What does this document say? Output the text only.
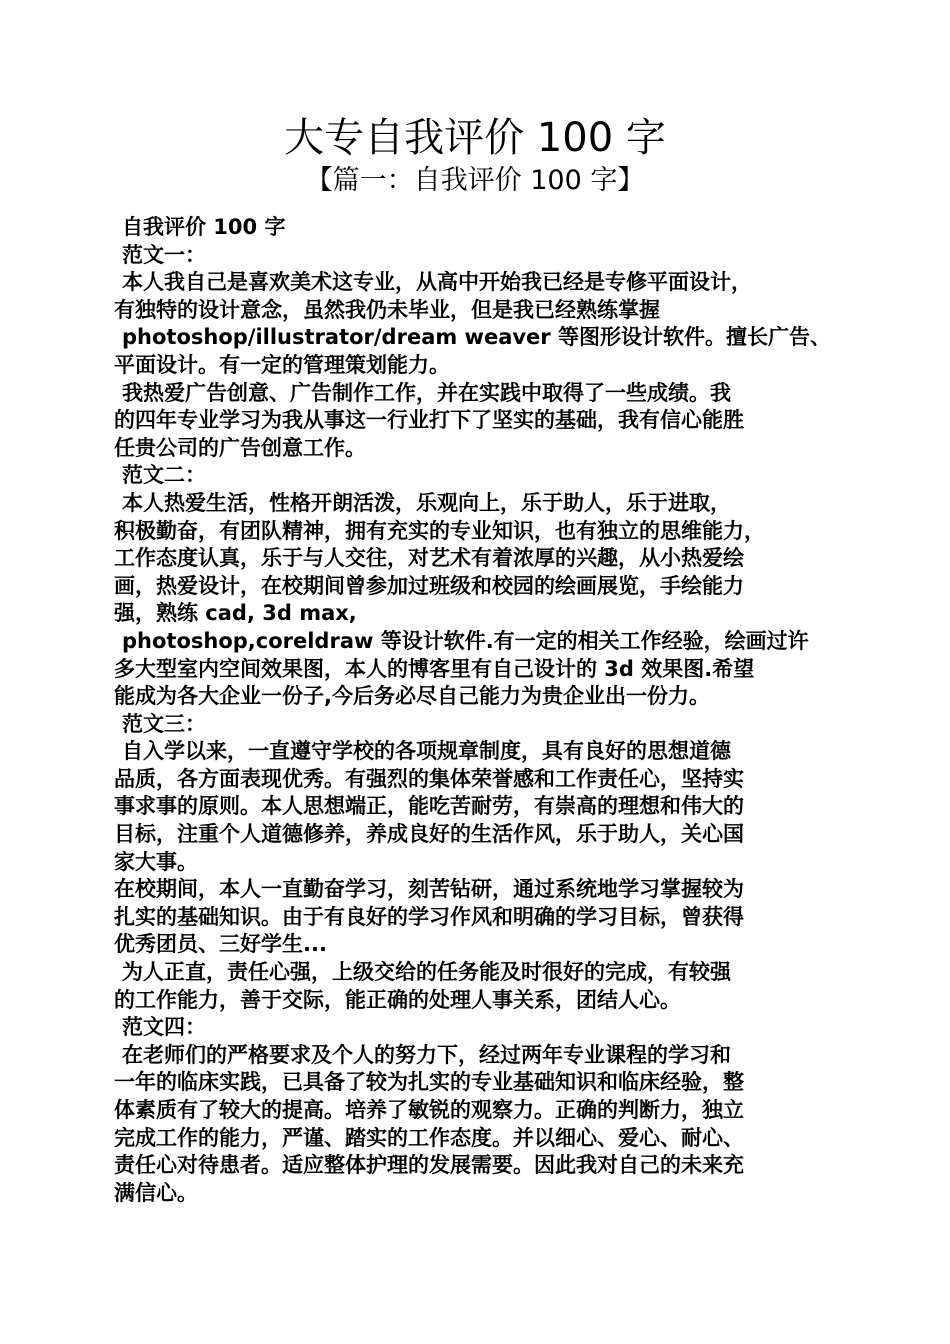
大专自我评价 100 字
【篇一：自我评价 100 字】
自我评价 100 字
范文一：
本人我自己是喜欢美术这专业，从高中开始我已经是专修平面设计，
有独特的设计意念，虽然我仍未毕业，但是我已经熟练掌握
photoshop/illustrator/dream weaver 等图形设计软件。擅长广告、
平面设计。有一定的管理策划能力。
我热爱广告创意、广告制作工作，并在实践中取得了一些成绩。我
的四年专业学习为我从事这一行业打下了坚实的基础，我有信心能胜
任贵公司的广告创意工作。
范文二：
本人热爱生活，性格开朗活泼，乐观向上，乐于助人，乐于进取，
积极勤奋，有团队精神，拥有充实的专业知识，也有独立的思维能力，
工作态度认真，乐于与人交往，对艺术有着浓厚的兴趣，从小热爱绘
画，热爱设计，在校期间曾参加过班级和校园的绘画展览，手绘能力
强，熟练 cad, 3d max,
photoshop,coreldraw 等设计软件.有一定的相关工作经验，绘画过许
多大型室内空间效果图，本人的博客里有自己设计的 3d 效果图.希望
能成为各大企业一份子,今后务必尽自己能力为贵企业出一份力。
范文三：
自入学以来，一直遵守学校的各项规章制度，具有良好的思想道德
品质，各方面表现优秀。有强烈的集体荣誉感和工作责任心，坚持实
事求事的原则。本人思想端正，能吃苦耐劳，有崇高的理想和伟大的
目标，注重个人道德修养，养成良好的生活作风，乐于助人，关心国
家大事。
在校期间，本人一直勤奋学习，刻苦钻研，通过系统地学习掌握较为
扎实的基础知识。由于有良好的学习作风和明确的学习目标，曾获得
优秀团员、三好学生...
为人正直，责任心强，上级交给的任务能及时很好的完成，有较强
的工作能力，善于交际，能正确的处理人事关系，团结人心。
范文四：
在老师们的严格要求及个人的努力下，经过两年专业课程的学习和
一年的临床实践，已具备了较为扎实的专业基础知识和临床经验，整
体素质有了较大的提高。培养了敏锐的观察力。正确的判断力，独立
完成工作的能力，严谨、踏实的工作态度。并以细心、爱心、耐心、
责任心对待患者。适应整体护理的发展需要。因此我对自己的未来充
满信心。
